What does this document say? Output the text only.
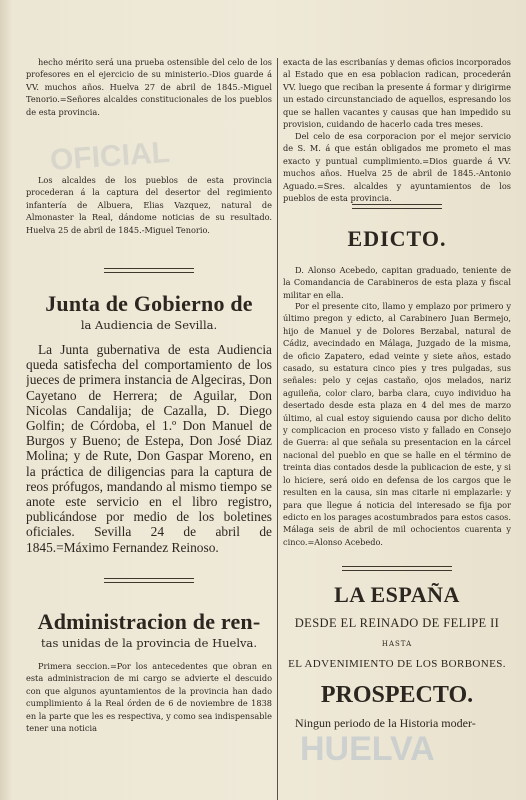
OFICIAL
HUELVA

hecho mérito será una prueba ostensible del celo de los profesores en el ejercicio de su ministerio.-Dios guarde á VV. muchos años. Huelva 27 de abril de 1845.-Miguel Tenorio.=Señores alcaldes constitucionales de los pueblos de esta provincia.

Los alcaldes de los pueblos de esta provincia procederan á la captura del desertor del regimiento infantería de Albuera, Elias Vazquez, natural de Almonaster la Real, dándome noticias de su resultado. Huelva 25 de abril de 1845.-Miguel Tenorio.

Junta de Gobierno de

la Audiencia de Sevilla.

La Junta gubernativa de esta Audiencia queda satisfecha del comportamiento de los jueces de primera instancia de Algeciras, Don Cayetano de Herrera; de Aguilar, Don Nicolas Candalija; de Cazalla, D. Diego Golfin; de Córdoba, el 1.º Don Manuel de Burgos y Bueno; de Estepa, Don José Diaz Molina; y de Rute, Don Gaspar Moreno, en la práctica de diligencias para la captura de reos prófugos, mandando al mismo tiempo se anote este servicio en el libro registro, publicándose por medio de los boletines oficiales. Sevilla 24 de abril de 1845.=Máximo Fernandez Reinoso.

Administracion de ren-

tas unidas de la provincia de Huelva.

Primera seccion.=Por los antecedentes que obran en esta administracion de mi cargo se advierte el descuido con que algunos ayuntamientos de la provincia han dado cumplimiento á la Real órden de 6 de noviembre de 1838 en la parte que les es respectiva, y como sea indispensable tener una noticia

exacta de las escribanías y demas oficios incorporados al Estado que en esa poblacion radican, procederán VV. luego que reciban la presente á formar y dirigirme un estado circunstanciado de aquellos, espresando los que se hallen vacantes y causas que han impedido su provision, cuidando de hacerlo cada tres meses.

Del celo de esa corporacion por el mejor servicio de S. M. á que están obligados me prometo el mas exacto y puntual cumplimiento.=Dios guarde á VV. muchos años. Huelva 25 de abril de 1845.-Antonio Aguado.=Sres. alcaldes y ayuntamientos de los pueblos de esta provincia.

EDICTO.

D. Alonso Acebedo, capitan graduado, teniente de la Comandancia de Carabineros de esta plaza y fiscal militar en ella.

Por el presente cito, llamo y emplazo por primero y último pregon y edicto, al Carabinero Juan Bermejo, hijo de Manuel y de Dolores Berzabal, natural de Cádiz, avecindado en Málaga, Juzgado de la misma, de oficio Zapatero, edad veinte y siete años, estado casado, su estatura cinco pies y tres pulgadas, sus señales: pelo y cejas castaño, ojos melados, nariz aguileña, color claro, barba clara, cuyo individuo ha desertado desde esta plaza en 4 del mes de marzo último, al cual estoy siguiendo causa por dicho delito y complicacion en proceso visto y fallado en Consejo de Guerra: al que señala su presentacion en la cárcel nacional del pueblo en que se halle en el término de treinta dias contados desde la publicacion de este, y si lo hiciere, será oido en defensa de los cargos que le resulten en la causa, sin mas citarle ni emplazarle: y para que llegue á noticia del interesado se fija por edicto en los parages acostumbrados para estos casos. Málaga seis de abril de mil ochocientos cuarenta y cinco.=Alonso Acebedo.

LA ESPAÑA

DESDE EL REINADO DE FELIPE II

HASTA

EL ADVENIMIENTO DE LOS BORBONES.

PROSPECTO.

Ningun periodo de la Historia moder-
